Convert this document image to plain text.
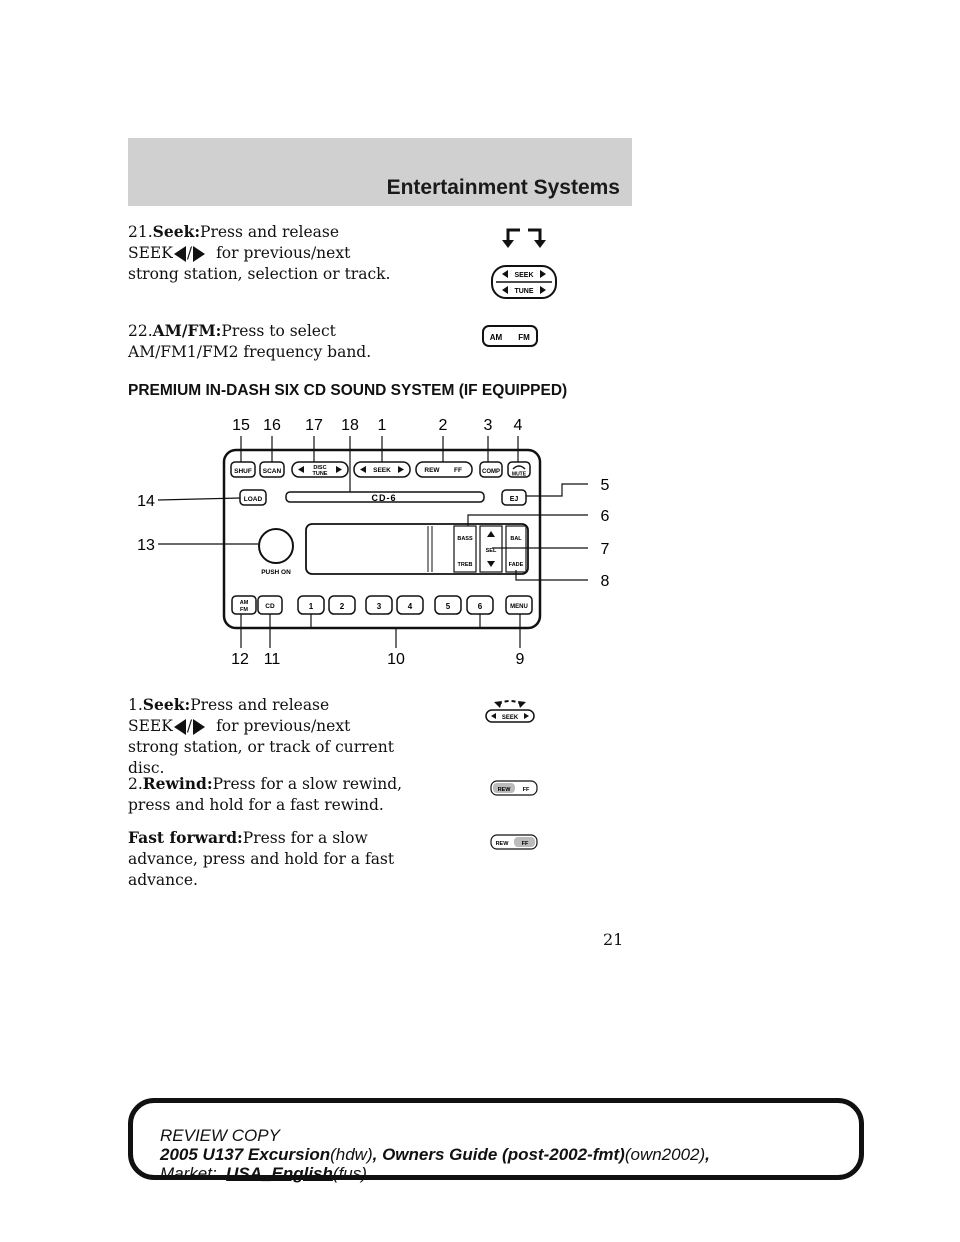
Entertainment Systems
21.Seek:Press and release
SEEK / for previous/next
strong station, selection or track.	SEEK
TUNE
22.AM/FM:Press to select
AM/FM1/FM2 frequency band.
AM FM
PREMIUM IN-DASH SIX CD SOUND SYSTEM (IF EQUIPPED)
SHUF SCAN	DISC
TUNE	SEEK	REW FF	COMP MUTE
LOAD	CD-6	EJ
PUSH ON
BASS
TREB
SEL
BAL
FADE
AM
FM	CD	1	2	3	4	5	6	MENU
15 16 17 18 1	2 3 4
5
6
7
8
9
10
11
12
13
14
1.Seek:Press and release
SEEK / for previous/next
strong station, or track of current
disc.
SEEK
2.Rewind:Press for a slow rewind,
press and hold for a fast rewind.
REW FF
Fast forward:Press for a slow
advance, press and hold for a fast
advance.
REW FF
21
REVIEW COPY
2005 U137 Excursion(hdw), Owners Guide (post-2002-fmt)(own2002),
Market: USA_English(fus)
